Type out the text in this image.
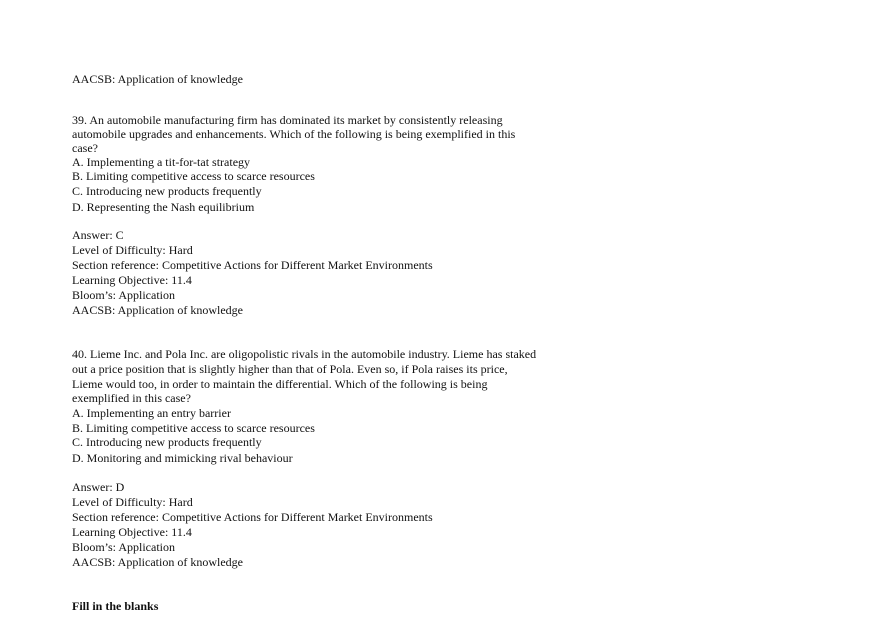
AACSB: Application of knowledge
39. An automobile manufacturing firm has dominated its market by consistently releasing
automobile upgrades and enhancements. Which of the following is being exemplified in this
case?
A. Implementing a tit-for-tat strategy
B. Limiting competitive access to scarce resources
C. Introducing new products frequently
D. Representing the Nash equilibrium
Answer: C
Level of Difficulty: Hard
Section reference: Competitive Actions for Different Market Environments
Learning Objective: 11.4
Bloom’s: Application
AACSB: Application of knowledge
40. Lieme Inc. and Pola Inc. are oligopolistic rivals in the automobile industry. Lieme has staked
out a price position that is slightly higher than that of Pola. Even so, if Pola raises its price,
Lieme would too, in order to maintain the differential. Which of the following is being
exemplified in this case?
A. Implementing an entry barrier
B. Limiting competitive access to scarce resources
C. Introducing new products frequently
D. Monitoring and mimicking rival behaviour
Answer: D
Level of Difficulty: Hard
Section reference: Competitive Actions for Different Market Environments
Learning Objective: 11.4
Bloom’s: Application
AACSB: Application of knowledge
Fill in the blanks
